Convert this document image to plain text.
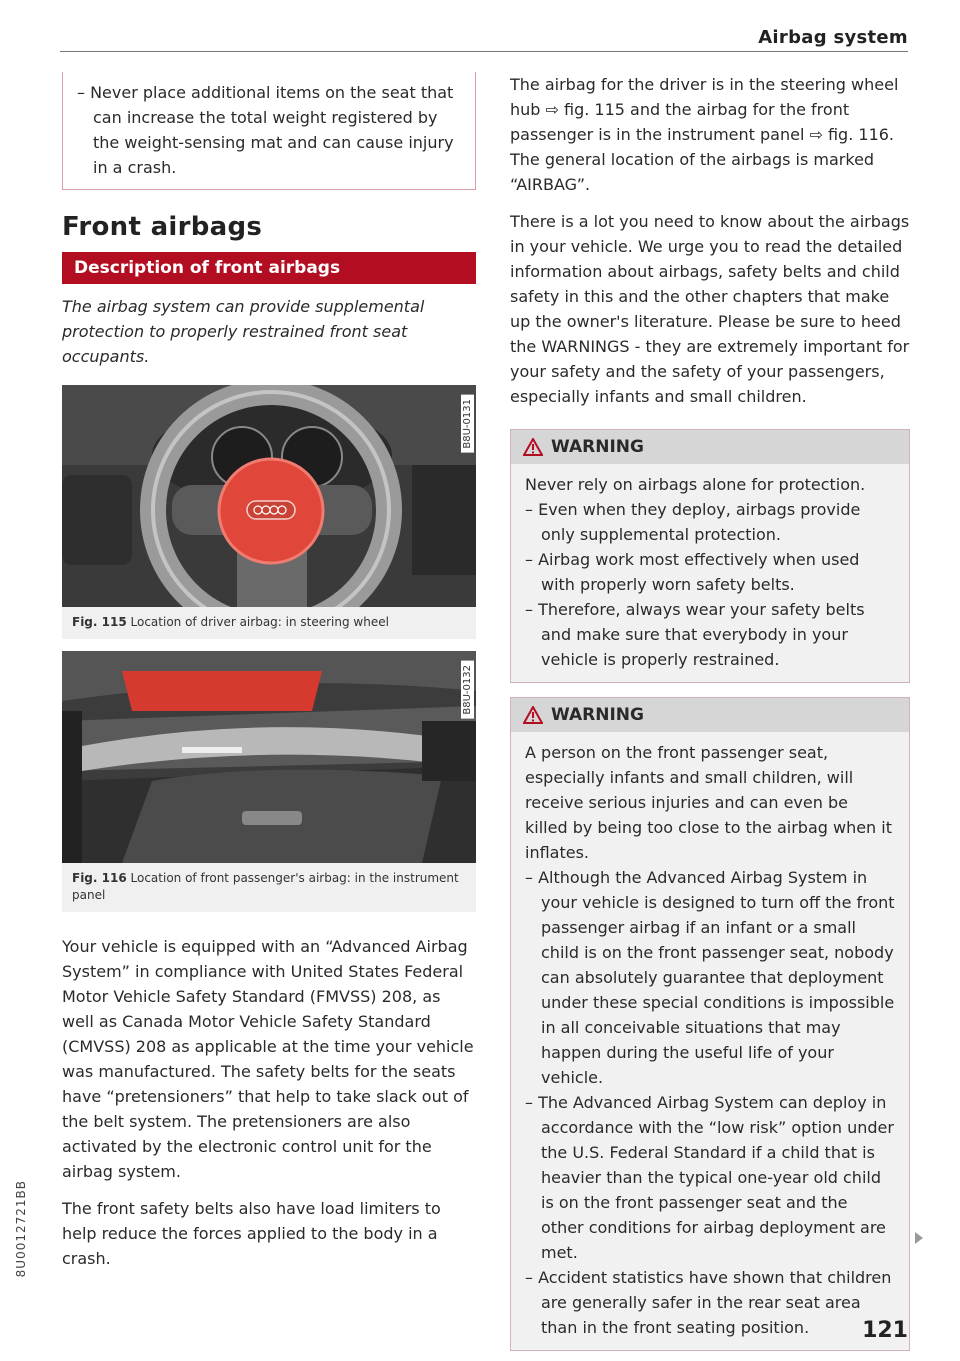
Airbag system
– Never place additional items on the seat that can increase the total weight registered by the weight-sensing mat and can cause injury in a crash.
Front airbags
Description of front airbags
The airbag system can provide supplemental protection to properly restrained front seat occupants.
B8U-0131
Fig. 115 Location of driver airbag: in steering wheel
B8U-0132
Fig. 116 Location of front passenger's airbag: in the instrument panel

Your vehicle is equipped with an “Advanced Airbag System” in compliance with United States Federal Motor Vehicle Safety Standard (FMVSS) 208, as well as Canada Motor Vehicle Safety Standard (CMVSS) 208 as applicable at the time your vehicle was manufactured. The safety belts for the seats have “pretensioners” that help to take slack out of the belt system. The pretensioners are also activated by the electronic control unit for the airbag system.

The front safety belts also have load limiters to help reduce the forces applied to the body in a crash.

The airbag for the driver is in the steering wheel hub ⇨ fig. 115 and the airbag for the front passenger is in the instrument panel ⇨ fig. 116. The general location of the airbags is marked “AIRBAG”.

There is a lot you need to know about the airbags in your vehicle. We urge you to read the detailed information about airbags, safety belts and child safety in this and the other chapters that make up the owner's literature. Please be sure to heed the WARNINGS - they are extremely important for your safety and the safety of your passengers, especially infants and small children.

WARNING
Never rely on airbags alone for protection.
– Even when they deploy, airbags provide only supplemental protection.
– Airbag work most effectively when used with properly worn safety belts.
– Therefore, always wear your safety belts and make sure that everybody in your vehicle is properly restrained.
WARNING
A person on the front passenger seat, especially infants and small children, will receive serious injuries and can even be killed by being too close to the airbag when it inflates.
– Although the Advanced Airbag System in your vehicle is designed to turn off the front passenger airbag if an infant or a small child is on the front passenger seat, nobody can absolutely guarantee that deployment under these special conditions is impossible in all conceivable situations that may happen during the useful life of your vehicle.
– The Advanced Airbag System can deploy in accordance with the “low risk” option under the U.S. Federal Standard if a child that is heavier than the typical one-year old child is on the front passenger seat and the other conditions for airbag deployment are met.
– Accident statistics have shown that children are generally safer in the rear seat area than in the front seating position.	121
8U0012721BB
